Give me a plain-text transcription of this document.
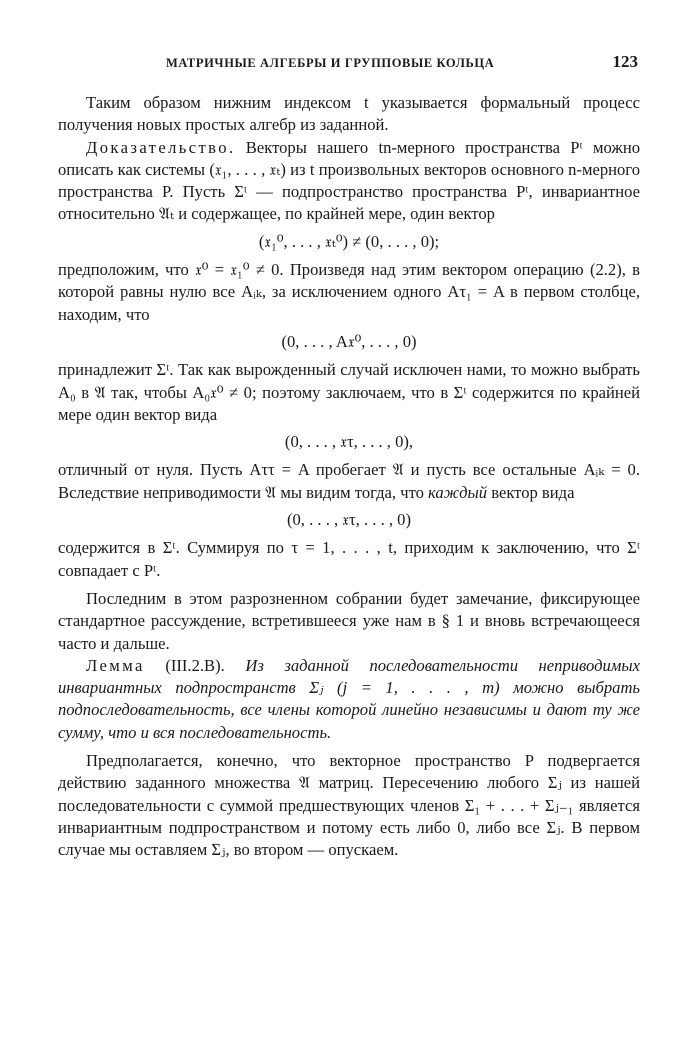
МАТРИЧНЫЕ АЛГЕБРЫ И ГРУППОВЫЕ КОЛЬЦА	123

Таким образом нижним индексом t указывается формальный процесс получения новых простых алгебр из заданной.

Доказательство. Векторы нашего tn-мерного пространства Pᵗ можно описать как системы (𝔵₁, . . . , 𝔵ₜ) из t произвольных векторов основного n-мерного пространства P. Пусть Σᵗ — подпространство пространства Pᵗ, инвариантное относительно 𝔄ₜ и содержащее, по крайней мере, один вектор

(𝔵₁⁰, . . . , 𝔵ₜ⁰) ≠ (0, . . . , 0);

предположим, что 𝔵⁰ = 𝔵₁⁰ ≠ 0. Произведя над этим вектором операцию (2.2), в которой равны нулю все Aᵢₖ, за исключением одного Aτ₁ = A в первом столбце, находим, что

(0, . . . , A𝔵⁰, . . . , 0)

принадлежит Σᵗ. Так как вырожденный случай исключен нами, то можно выбрать A₀ в 𝔄 так, чтобы A₀𝔵⁰ ≠ 0; поэтому заключаем, что в Σᵗ содержится по крайней мере один вектор вида

(0, . . . , 𝔵τ, . . . , 0),

отличный от нуля. Пусть Aττ = A пробегает 𝔄 и пусть все остальные Aᵢₖ = 0. Вследствие неприводимости 𝔄 мы видим тогда, что каждый вектор вида

(0, . . . , 𝔵τ, . . . , 0)

содержится в Σᵗ. Суммируя по τ = 1, . . . , t, приходим к заключению, что Σᵗ совпадает с Pᵗ.

Последним в этом разрозненном собрании будет замечание, фиксирующее стандартное рассуждение, встретившееся уже нам в § 1 и вновь встречающееся часто и дальше.

Лемма (III.2.B). Из заданной последовательности неприводимых инвариантных подпространств Σⱼ (j = 1, . . . , m) можно выбрать подпоследовательность, все члены которой линейно независимы и дают ту же сумму, что и вся последовательность.

Предполагается, конечно, что векторное пространство P подвергается действию заданного множества 𝔄 матриц. Пересечению любого Σⱼ из нашей последовательности с суммой предшествующих членов Σ₁ + . . . + Σⱼ₋₁ является инвариантным подпространством и потому есть либо 0, либо все Σⱼ. В первом случае мы оставляем Σⱼ, во втором — опускаем.
